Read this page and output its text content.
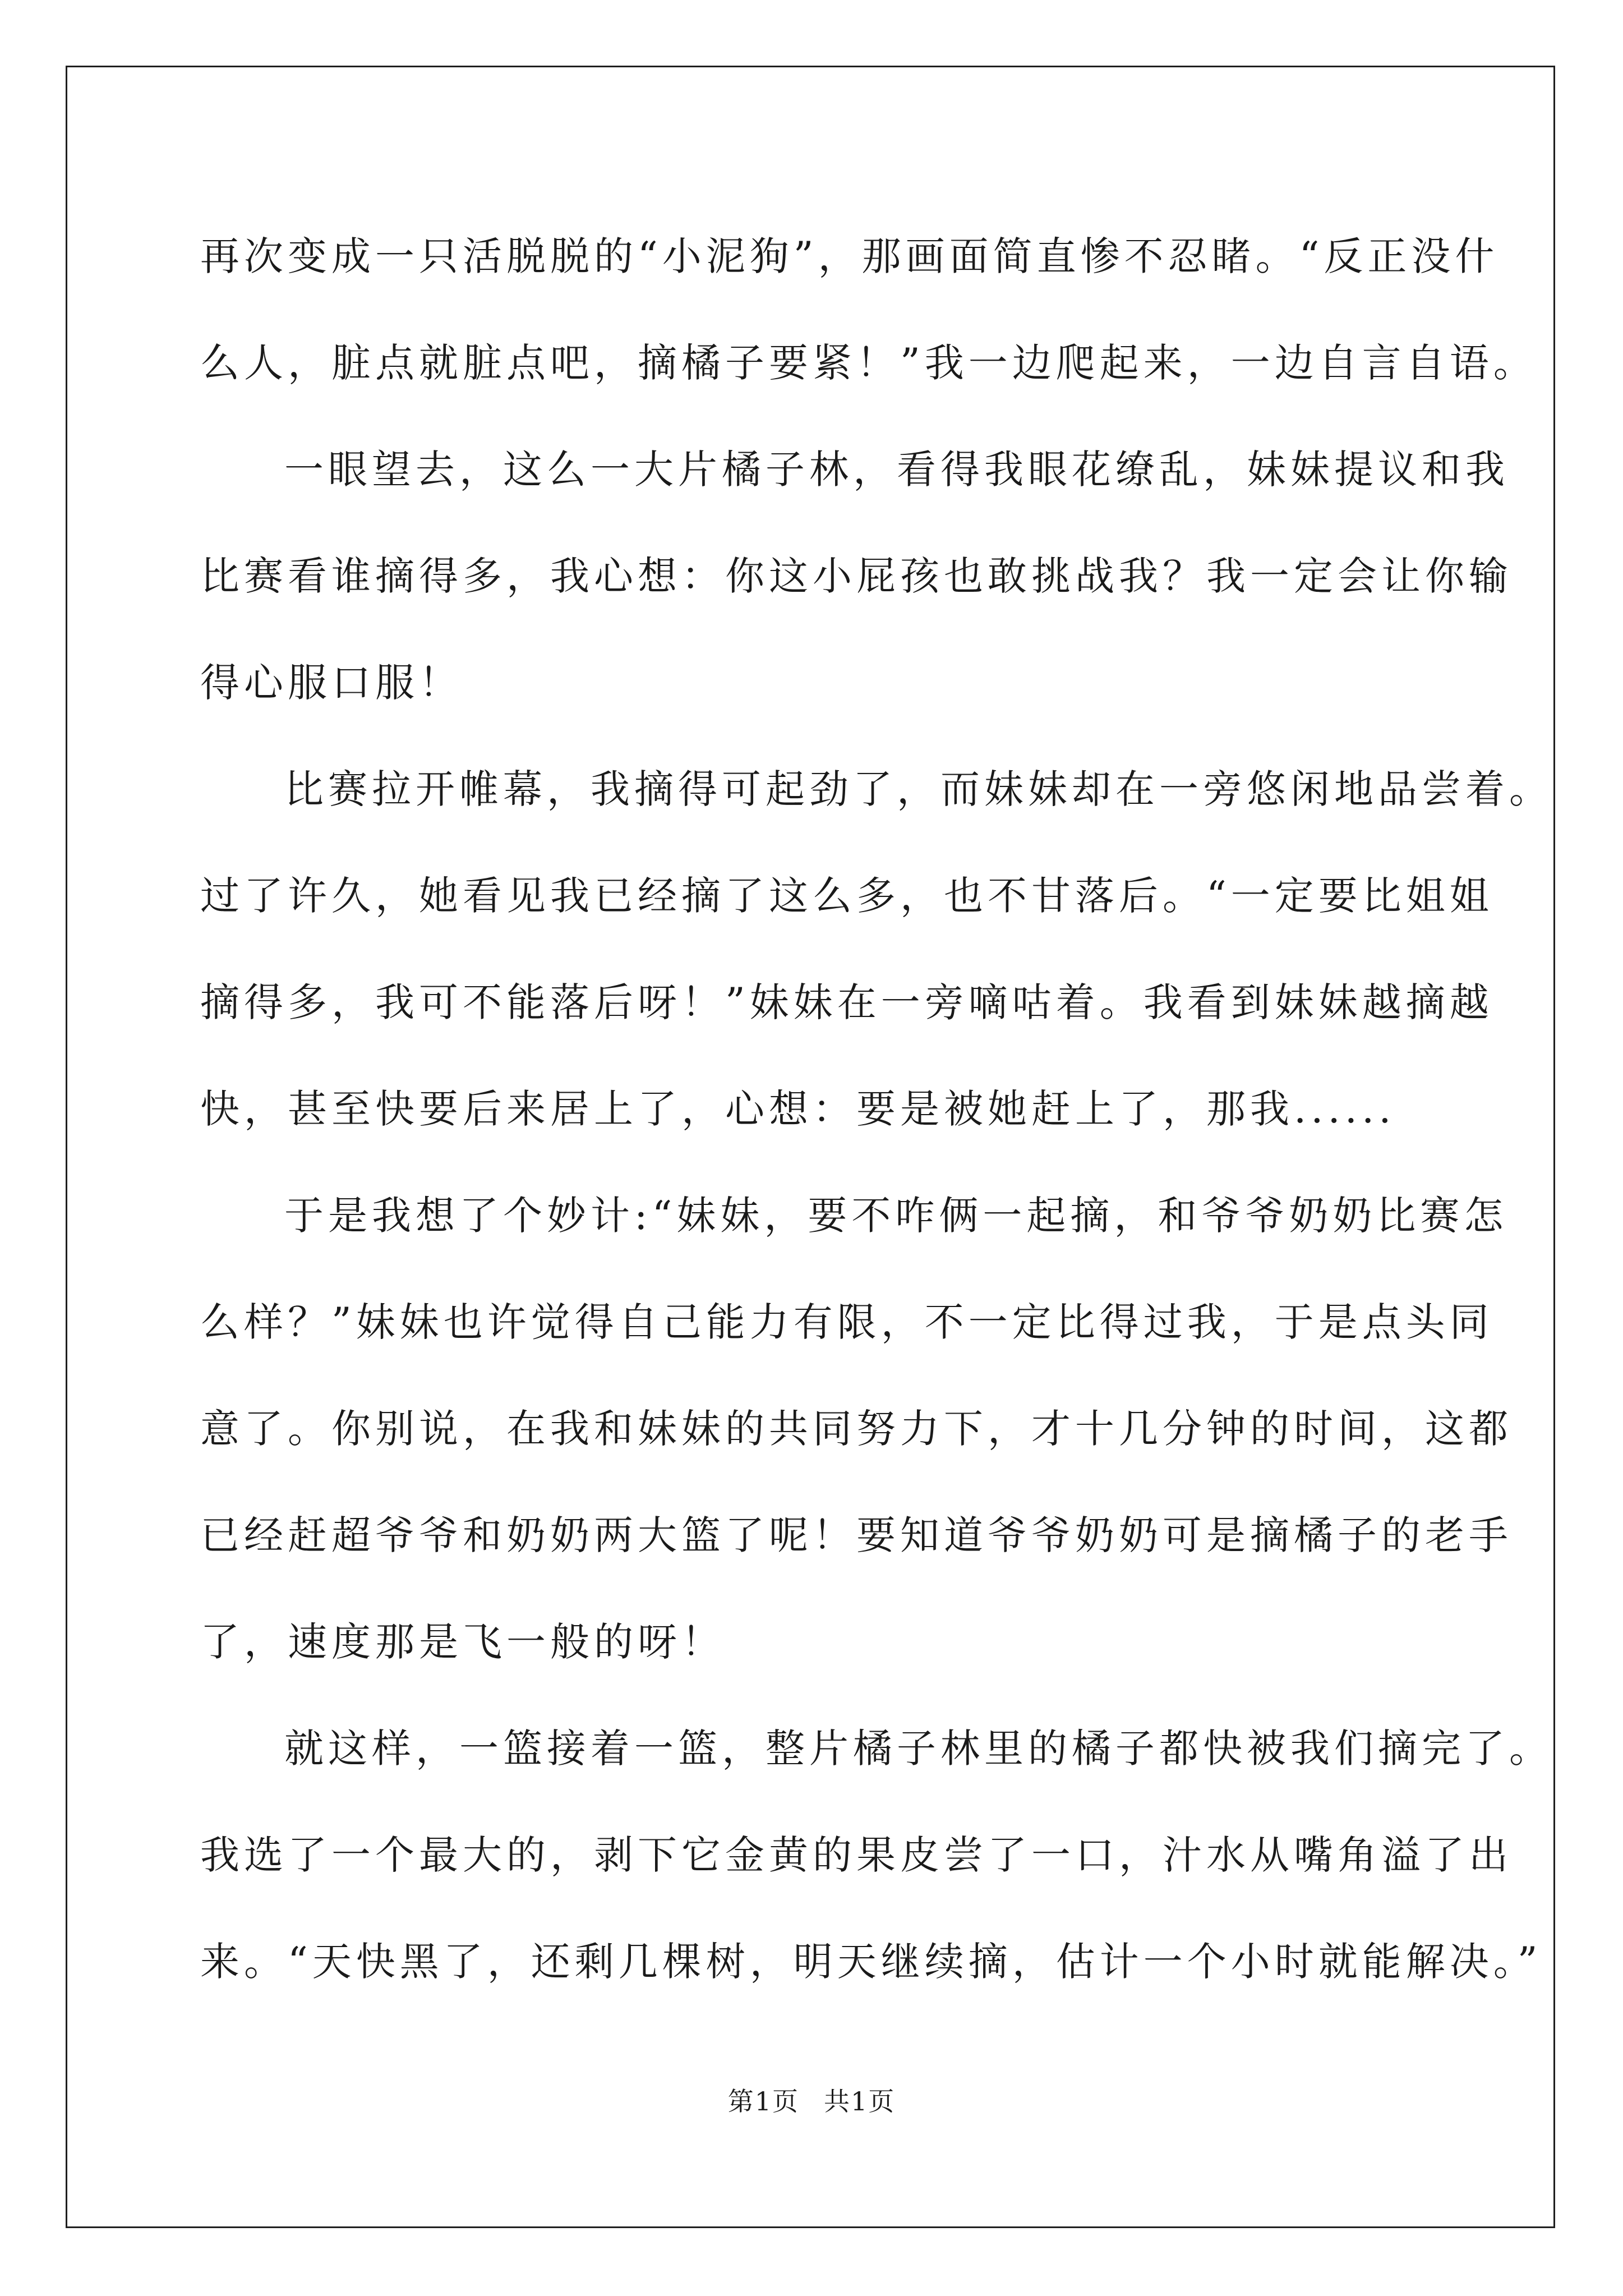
再次变成一只活脱脱的“小泥狗”，那画面简直惨不忍睹。“反正没什
么人，脏点就脏点吧，摘橘子要紧！”我一边爬起来，一边自言自语。
一眼望去，这么一大片橘子林，看得我眼花缭乱，妹妹提议和我
比赛看谁摘得多，我心想：你这小屁孩也敢挑战我？我一定会让你输
得心服口服！
比赛拉开帷幕，我摘得可起劲了，而妹妹却在一旁悠闲地品尝着。
过了许久，她看见我已经摘了这么多，也不甘落后。“一定要比姐姐
摘得多，我可不能落后呀！”妹妹在一旁嘀咕着。我看到妹妹越摘越
快，甚至快要后来居上了，心想：要是被她赶上了，那我......
于是我想了个妙计:“妹妹，要不咋俩一起摘，和爷爷奶奶比赛怎
么样？”妹妹也许觉得自己能力有限，不一定比得过我，于是点头同
意了。你别说，在我和妹妹的共同努力下，才十几分钟的时间，这都
已经赶超爷爷和奶奶两大篮了呢！要知道爷爷奶奶可是摘橘子的老手
了，速度那是飞一般的呀！
就这样，一篮接着一篮，整片橘子林里的橘子都快被我们摘完了。
我选了一个最大的，剥下它金黄的果皮尝了一口，汁水从嘴角溢了出
来。“天快黑了，还剩几棵树，明天继续摘，估计一个小时就能解决。”
第1页 共1页
